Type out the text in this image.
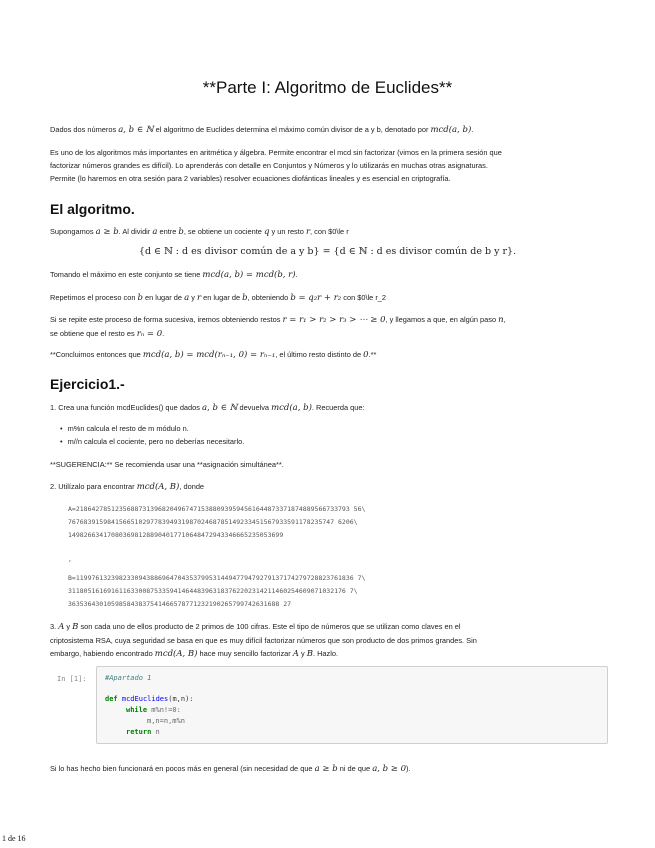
**Parte I: Algoritmo de Euclides**
Dados dos números a, b ∈ ℕ el algoritmo de Euclides determina el máximo común divisor de a y b, denotado por mcd(a, b).
Es uno de los algoritmos más importantes en aritmética y álgebra. Permite encontrar el mcd sin factorizar (vimos en la primera sesión que
factorizar números grandes es difícil). Lo aprenderás con detalle en Conjuntos y Números y lo utilizarás en muchas otras asignaturas.
Permite (lo haremos en otra sesión para 2 variables) resolver ecuaciones diofánticas lineales y es esencial en criptografía.
El algoritmo.
Supongamos a ≥ b. Al dividir a entre b, se obtiene un cociente q y un resto r, con $0\le r
{d ∈ ℕ : d es divisor común de a y b} = {d ∈ ℕ : d es divisor común de b y r}.
Tomando el máximo en este conjunto se tiene mcd(a, b) = mcd(b, r).
Repetimos el proceso con b en lugar de a y r en lugar de b, obteniendo b = q₂r + r₂ con $0\le r_2
Si se repite este proceso de forma sucesiva, iremos obteniendo restos r = r₁ > r₂ > r₃ > ⋯ ≥ 0, y llegamos a que, en algún paso n,
se obtiene que el resto es rₙ = 0.
**Concluimos entonces que mcd(a, b) = mcd(rₙ₋₁, 0) = rₙ₋₁, el último resto distinto de 0.**
Ejercicio1.-
1. Crea una función mcdEuclides() que dados a, b ∈ ℕ devuelva mcd(a, b). Recuerda que:
• m%n calcula el resto de m módulo n.
• m//n calcula el cociente, pero no deberías necesitarlo.
**SUGERENCIA:** Se recomienda usar una **asignación simultánea**.
2. Utilízalo para encontrar mcd(A, B), donde
A=2186427851235688731396820496747153880939594561644873371874889566733793 56\
76768391598415665102977839493198702468785149233451567933591178235747 6206\
1498266341708036981288904017710648472943346665235053699
,
B=11997613239823309438869647043537995314494779479279137174279728823761836 7\
31180516169161163300875335941464483963183762202314211460254609071032176 7\
363536430105985843837541466578771232190265799742631688 27
3. A y B son cada uno de ellos producto de 2 primos de 100 cifras. Este el tipo de números que se utilizan como claves en el
criptosistema RSA, cuya seguridad se basa en que es muy difícil factorizar números que son producto de dos primos grandes. Sin
embargo, habiendo encontrado mcd(A, B) hace muy sencillo factorizar A y B. Hazlo.
In [1]:	#Apartado 1
def mcdEuclides(m,n):
while m%n!=0:
m,n=n,m%n
return n
Si lo has hecho bien funcionará en pocos más en general (sin necesidad de que a ≥ b ni de que a, b ≥ 0).
1 de 16
